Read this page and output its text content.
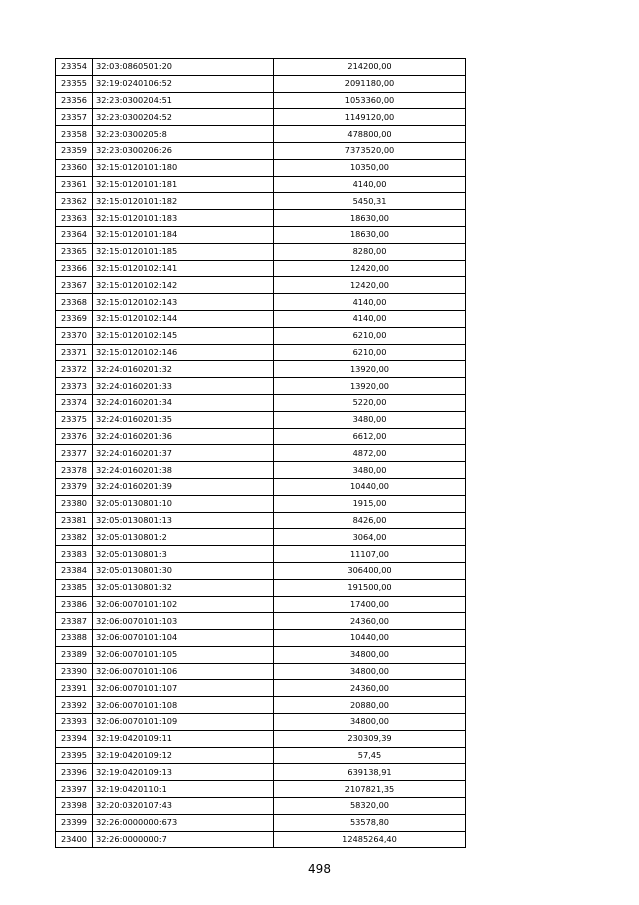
23354	32:03:0860501:20	214200,00
23355	32:19:0240106:52	2091180,00
23356	32:23:0300204:51	1053360,00
23357	32:23:0300204:52	1149120,00
23358	32:23:0300205:8	478800,00
23359	32:23:0300206:26	7373520,00
23360	32:15:0120101:180	10350,00
23361	32:15:0120101:181	4140,00
23362	32:15:0120101:182	5450,31
23363	32:15:0120101:183	18630,00
23364	32:15:0120101:184	18630,00
23365	32:15:0120101:185	8280,00
23366	32:15:0120102:141	12420,00
23367	32:15:0120102:142	12420,00
23368	32:15:0120102:143	4140,00
23369	32:15:0120102:144	4140,00
23370	32:15:0120102:145	6210,00
23371	32:15:0120102:146	6210,00
23372	32:24:0160201:32	13920,00
23373	32:24:0160201:33	13920,00
23374	32:24:0160201:34	5220,00
23375	32:24:0160201:35	3480,00
23376	32:24:0160201:36	6612,00
23377	32:24:0160201:37	4872,00
23378	32:24:0160201:38	3480,00
23379	32:24:0160201:39	10440,00
23380	32:05:0130801:10	1915,00
23381	32:05:0130801:13	8426,00
23382	32:05:0130801:2	3064,00
23383	32:05:0130801:3	11107,00
23384	32:05:0130801:30	306400,00
23385	32:05:0130801:32	191500,00
23386	32:06:0070101:102	17400,00
23387	32:06:0070101:103	24360,00
23388	32:06:0070101:104	10440,00
23389	32:06:0070101:105	34800,00
23390	32:06:0070101:106	34800,00
23391	32:06:0070101:107	24360,00
23392	32:06:0070101:108	20880,00
23393	32:06:0070101:109	34800,00
23394	32:19:0420109:11	230309,39
23395	32:19:0420109:12	57,45
23396	32:19:0420109:13	639138,91
23397	32:19:0420110:1	2107821,35
23398	32:20:0320107:43	58320,00
23399	32:26:0000000:673	53578,80
23400	32:26:0000000:7	12485264,40
498
